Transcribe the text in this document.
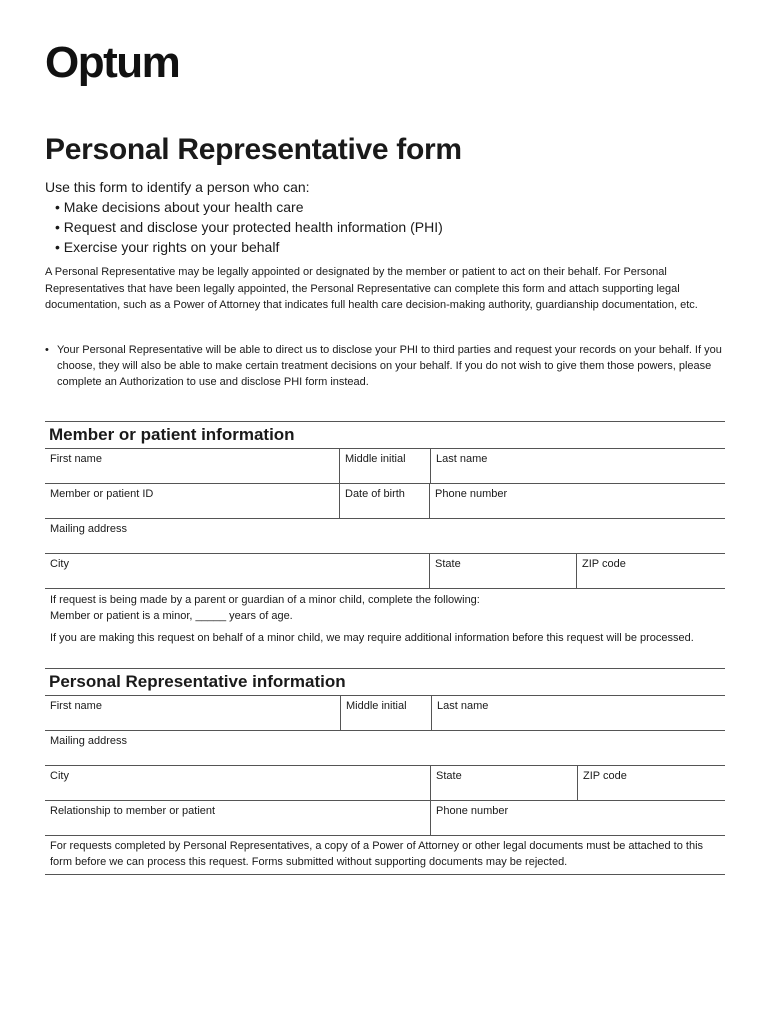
Optum
Personal Representative form
Use this form to identify a person who can:
• Make decisions about your health care
• Request and disclose your protected health information (PHI)
• Exercise your rights on your behalf
A Personal Representative may be legally appointed or designated by the member or patient to act on their behalf. For Personal Representatives that have been legally appointed, the Personal Representative can complete this form and attach supporting legal documentation, such as a Power of Attorney that indicates full health care decision-making authority, guardianship documentation, etc.
• Your Personal Representative will be able to direct us to disclose your PHI to third parties and request your records on your behalf. If you choose, they will also be able to make certain treatment decisions on your behalf. If you do not wish to give them those powers, please complete an Authorization to use and disclose PHI form instead.
Member or patient information
First name	Middle initial	Last name
Member or patient ID	Date of birth	Phone number
Mailing address
City	State	ZIP code
If request is being made by a parent or guardian of a minor child, complete the following:
Member or patient is a minor, _____ years of age.
If you are making this request on behalf of a minor child, we may require additional information before this request will be processed.
Personal Representative information
First name	Middle initial	Last name
Mailing address
City	State	ZIP code
Relationship to member or patient	Phone number
For requests completed by Personal Representatives, a copy of a Power of Attorney or other legal documents must be attached to this form before we can process this request. Forms submitted without supporting documents may be rejected.
